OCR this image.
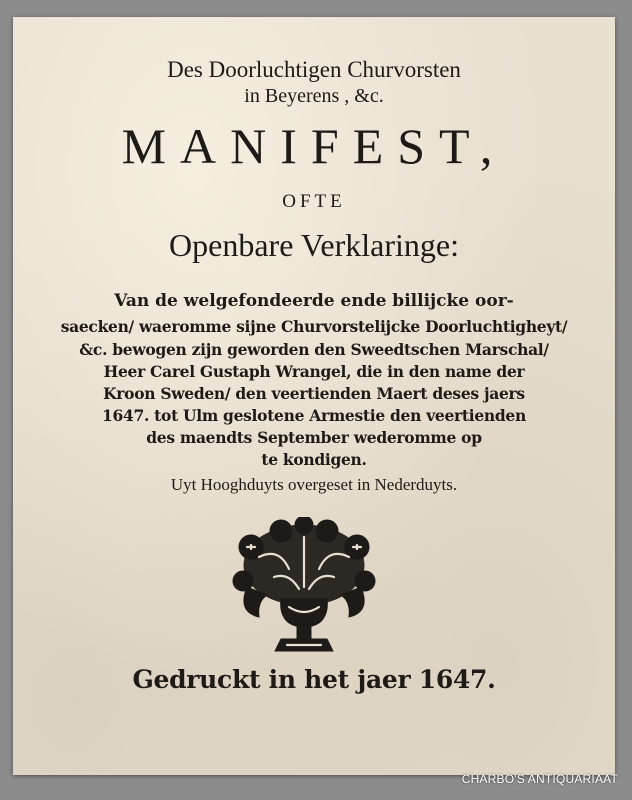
Des Doorluchtigen Churvorsten
in Beyerens , &c.
MANIFEST,
OFTE
Openbare Verklaringe:
Van de welgefondeerde ende billijcke oor-
saecken/ waeromme sijne Churvorstelijcke Doorluchtigheyt/
&c. bewogen zijn geworden den Sweedtschen Marschal/
Heer Carel Gustaph Wrangel, die in den name der
Kroon Sweden/ den veertienden Maert deses jaers
1647. tot Ulm geslotene Armestie den veertienden
des maendts September wederomme op
te kondigen.
Uyt Hooghduyts overgeset in Nederduyts.
Gedruckt in het jaer 1647.
CHARBO'S ANTIQUARIAAT
